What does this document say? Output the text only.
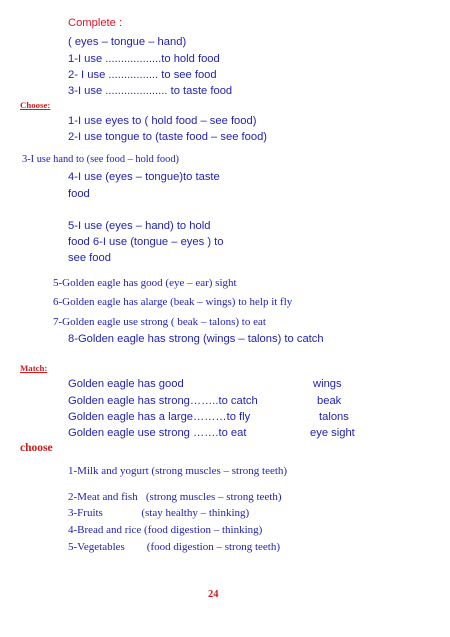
Complete :
( eyes – tongue – hand)
1-I use ..................to hold food
2- I use ................ to see food
3-I use .................... to taste food
Choose:
1-I use eyes to ( hold food – see food)
2-I use tongue to (taste food – see food)
3-I use hand to (see food – hold food)
4-I use (eyes – tongue)to taste
food
5-I use (eyes – hand) to hold
food 6-I use (tongue – eyes ) to
see food
5-Golden eagle has good (eye – ear) sight
6-Golden eagle has alarge (beak – wings) to help it fly
7-Golden eagle use strong ( beak – talons) to eat
8-Golden eagle has strong (wings – talons) to catch
Match:
Golden eagle has good	wings
Golden eagle has strong……..to catch	beak
Golden eagle has a large………to fly	talons
Golden eagle use strong …….to eat	eye sight
choose
1-Milk and yogurt (strong muscles – strong teeth)
2-Meat and fish   (strong muscles – strong teeth)
3-Fruits              (stay healthy – thinking)
4-Bread and rice (food digestion – thinking)
5-Vegetables        (food digestion – strong teeth)
24
